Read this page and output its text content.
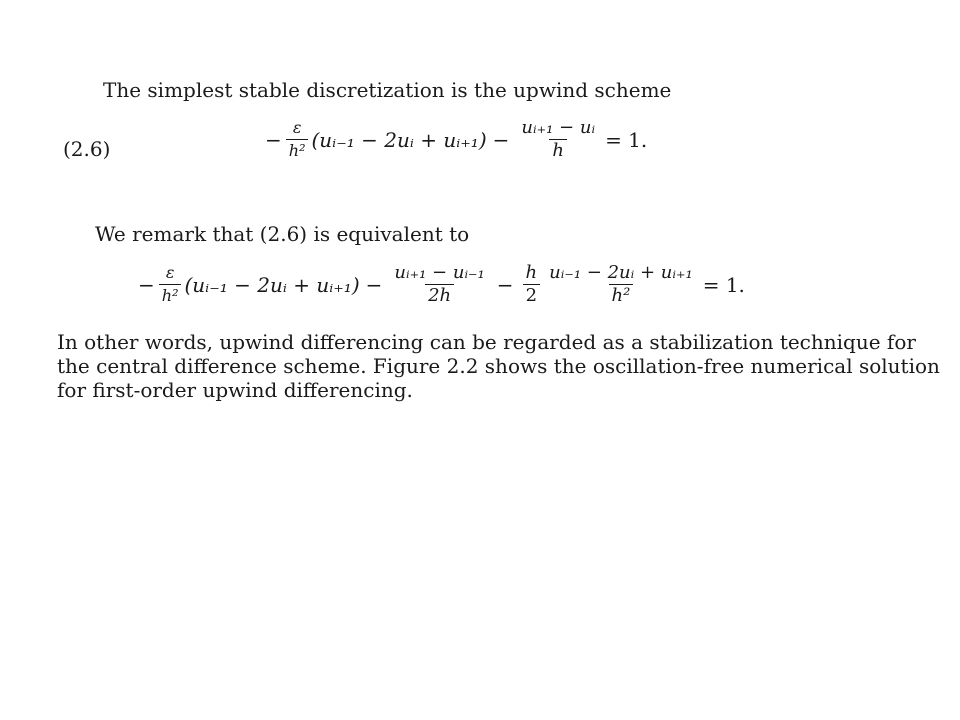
The simplest stable discretization is the upwind scheme
(2.6)	− $\frac{\varepsilon}{\text{h²}}$ (uᵢ₋₁ − 2uᵢ + uᵢ₊₁) − $\frac{\text{uᵢ₊₁ − uᵢ}}{h} = 1$.
We remark that (2.6) is equivalent to
− $\frac{\varepsilon}{\text{h²}}$ (uᵢ₋₁ − 2uᵢ + uᵢ₊₁) − $\frac{\text{uᵢ₊₁ − uᵢ₋₁}}{2h} - \frac{h}{2} \frac{\text{uᵢ₋₁ − 2uᵢ + uᵢ₊₁}}{\text{h²}} = 1$.
In other words, upwind differencing can be regarded as a stabilization technique for
the central difference scheme. Figure 2.2 shows the oscillation-free numerical solution
for first-order upwind differencing.
